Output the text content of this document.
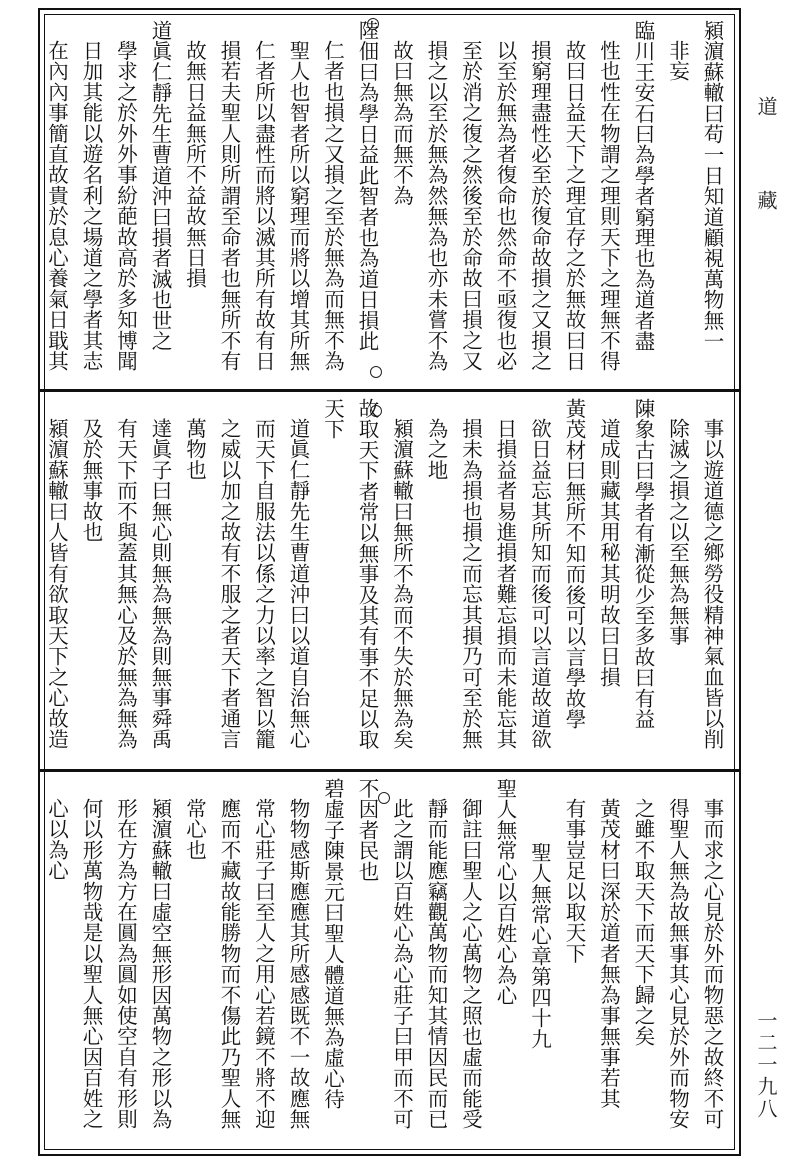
潁濵蘇轍曰苟一日知道顧視萬物無一
非妄
臨川王安石曰為學者窮理也為道者盡
性也性在物謂之理則天下之理無不得
故曰日益天下之理宜存之於無故曰日
損窮理盡性必至於復命故損之又損之
以至於無為者復命也然命不亟復也必
至於消之復之然後至於命故曰損之又
損之以至於無為然無為也亦未嘗不為
故曰無為而無不為
陸佃曰為學日益此智者也為道日損此
仁者也損之又損之至於無為而無不為
聖人也智者所以窮理而將以增其所無
仁者所以盡性而將以滅其所有故有日
損若夫聖人則所謂至命者也無所不有
故無日益無所不益故無日損
道眞仁靜先生曹道沖曰損者滅也世之
學求之於外外事紛葩故高於多知博聞
日加其能以遊名利之場道之學者其志
在內內事簡直故貴於息心養氣日戢其
事以遊道德之鄉勞役精神氣血皆以削
除滅之損之以至無為無事
陳象古曰學者有漸從少至多故曰有益
道成則藏其用秘其明故曰日損
黃茂材曰無所不知而後可以言學故學
欲日益忘其所知而後可以言道故道欲
日損益者易進損者難忘損而未能忘其
損未為損也損之而忘其損乃可至於無
為之地
潁濵蘇轍曰無所不為而不失於無為矣
故取天下者常以無事及其有事不足以取
天下
道眞仁靜先生曹道沖曰以道自治無心
而天下自服法以係之力以率之智以籠
之威以加之故有不服之者天下者通言
萬物也
達眞子曰無心則無為無為則無事舜禹
有天下而不與蓋其無心及於無為無為
及於無事故也
潁濵蘇轍曰人皆有欲取天下之心故造
事而求之心見於外而物惡之故終不可
得聖人無為故無事其心見於外而物安
之雖不取天下而天下歸之矣
黃茂材曰深於道者無為事無事若其
有事豈足以取天下
聖人無常心章第四十九
聖人無常心以百姓心為心
御註曰聖人之心萬物之照也虛而能受
靜而能應竊觀萬物而知其情因民而已
此之謂以百姓心為心莊子曰甲而不可
不因者民也
碧虛子陳景元曰聖人體道無為虛心待
物物感斯應應其所感感既不一故應無
常心莊子曰至人之用心若鏡不將不迎
應而不藏故能勝物而不傷此乃聖人無
常心也
潁濵蘇轍曰虛空無形因萬物之形以為
形在方為方在圓為圓如使空自有形則
何以形萬物哉是以聖人無心因百姓之
心以為心
道
藏
一二一九八
